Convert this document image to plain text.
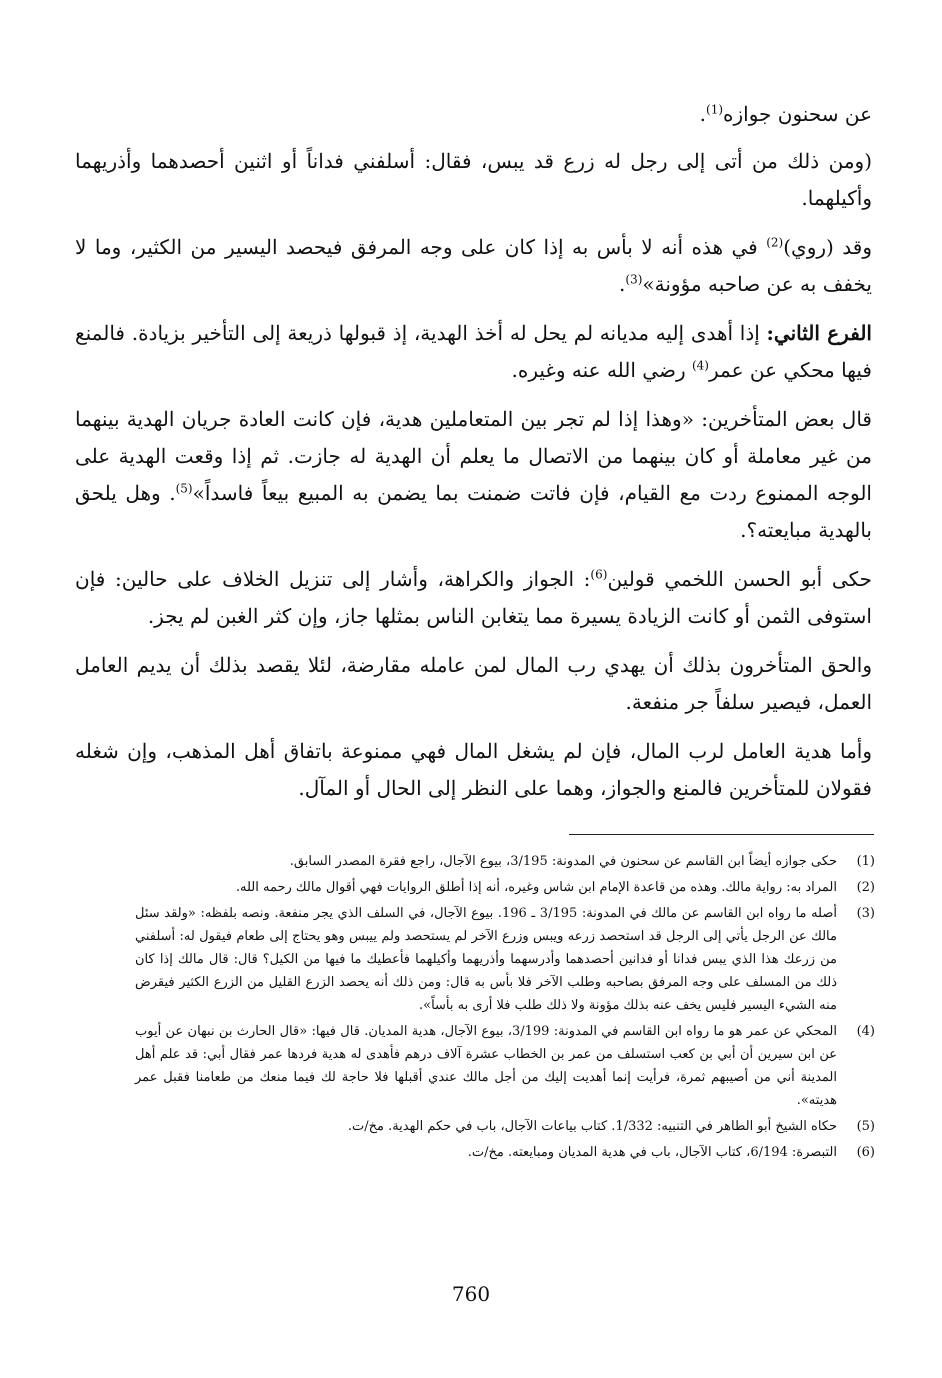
عن سحنون جوازه$^{(1)}$.

(ومن ذلك من أتى إلى رجل له زرع قد يبس، فقال: أسلفني فداناً أو اثنين أحصدهما وأذريهما وأكيلهما.

وقد (روي)$^{(2)}$ في هذه أنه لا بأس به إذا كان على وجه المرفق فيحصد اليسير من الكثير، وما لا يخفف به عن صاحبه مؤونة»$^{(3)}$.

الفرع الثاني: إذا أهدى إليه مديانه لم يحل له أخذ الهدية، إذ قبولها ذريعة إلى التأخير بزيادة. فالمنع فيها محكي عن عمر$^{(4)}$ رضي الله عنه وغيره.

قال بعض المتأخرين: «وهذا إذا لم تجر بين المتعاملين هدية، فإن كانت العادة جريان الهدية بينهما من غير معاملة أو كان بينهما من الاتصال ما يعلم أن الهدية له جازت. ثم إذا وقعت الهدية على الوجه الممنوع ردت مع القيام، فإن فاتت ضمنت بما يضمن به المبيع بيعاً فاسداً»$^{(5)}$. وهل يلحق بالهدية مبايعته؟.

حكى أبو الحسن اللخمي قولين$^{(6)}$: الجواز والكراهة، وأشار إلى تنزيل الخلاف على حالين: فإن استوفى الثمن أو كانت الزيادة يسيرة مما يتغابن الناس بمثلها جاز، وإن كثر الغبن لم يجز.

والحق المتأخرون بذلك أن يهدي رب المال لمن عامله مقارضة، لئلا يقصد بذلك أن يديم العامل العمل، فيصير سلفاً جر منفعة.

وأما هدية العامل لرب المال، فإن لم يشغل المال فهي ممنوعة باتفاق أهل المذهب، وإن شغله فقولان للمتأخرين فالمنع والجواز، وهما على النظر إلى الحال أو المآل.

(1)
حكى جوازه أيضاً ابن القاسم عن سحنون في المدونة: 3/195، بيوع الآجال، راجع فقرة المصدر السابق.
(2)
المراد به: رواية مالك. وهذه من قاعدة الإمام ابن شاس وغيره، أنه إذا أطلق الروايات فهي أقوال مالك رحمه الله.
(3)
أصله ما رواه ابن القاسم عن مالك في المدونة: 3/195 ـ 196. بيوع الآجال، في السلف الذي يجر منفعة. ونصه بلفظه: «ولقد سئل مالك عن الرجل يأتي إلى الرجل قد استحصد زرعه ويبس وزرع الآخر لم يستحصد ولم ييبس وهو يحتاج إلى طعام فيقول له: أسلفني من زرعك هذا الذي يبس فدانا أو فدانين أحصدهما وأدرسهما وأذريهما وأكيلهما فأعطيك ما فيها من الكيل؟ قال: قال مالك إذا كان ذلك من المسلف على وجه المرفق بصاحبه وطلب الآخر فلا بأس به قال: ومن ذلك أنه يحصد الزرع القليل من الزرع الكثير فيقرض منه الشيء اليسير فليس يخف عنه بذلك مؤونة ولا ذلك طلب فلا أرى به بأساً».
(4)
المحكي عن عمر هو ما رواه ابن القاسم في المدونة: 3/199، بيوع الآجال، هدية المديان. قال فيها: «قال الحارث بن نبهان عن أيوب عن ابن سيرين أن أبي بن كعب استسلف من عمر بن الخطاب عشرة آلاف درهم فأهدى له هدية فردها عمر فقال أبي: قد علم أهل المدينة أني من أصيبهم ثمرة، فرأيت إنما أهديت إليك من أجل مالك عندي أقبلها فلا حاجة لك فيما منعك من طعامنا فقبل عمر هديته».
(5)
حكاه الشيخ أبو الطاهر في التنبيه: 1/332. كتاب بياعات الآجال، باب في حكم الهدية. مخ/ت.
(6)
التبصرة: 6/194، كتاب الآجال، باب في هدية المديان ومبايعته. مخ/ت.
760
